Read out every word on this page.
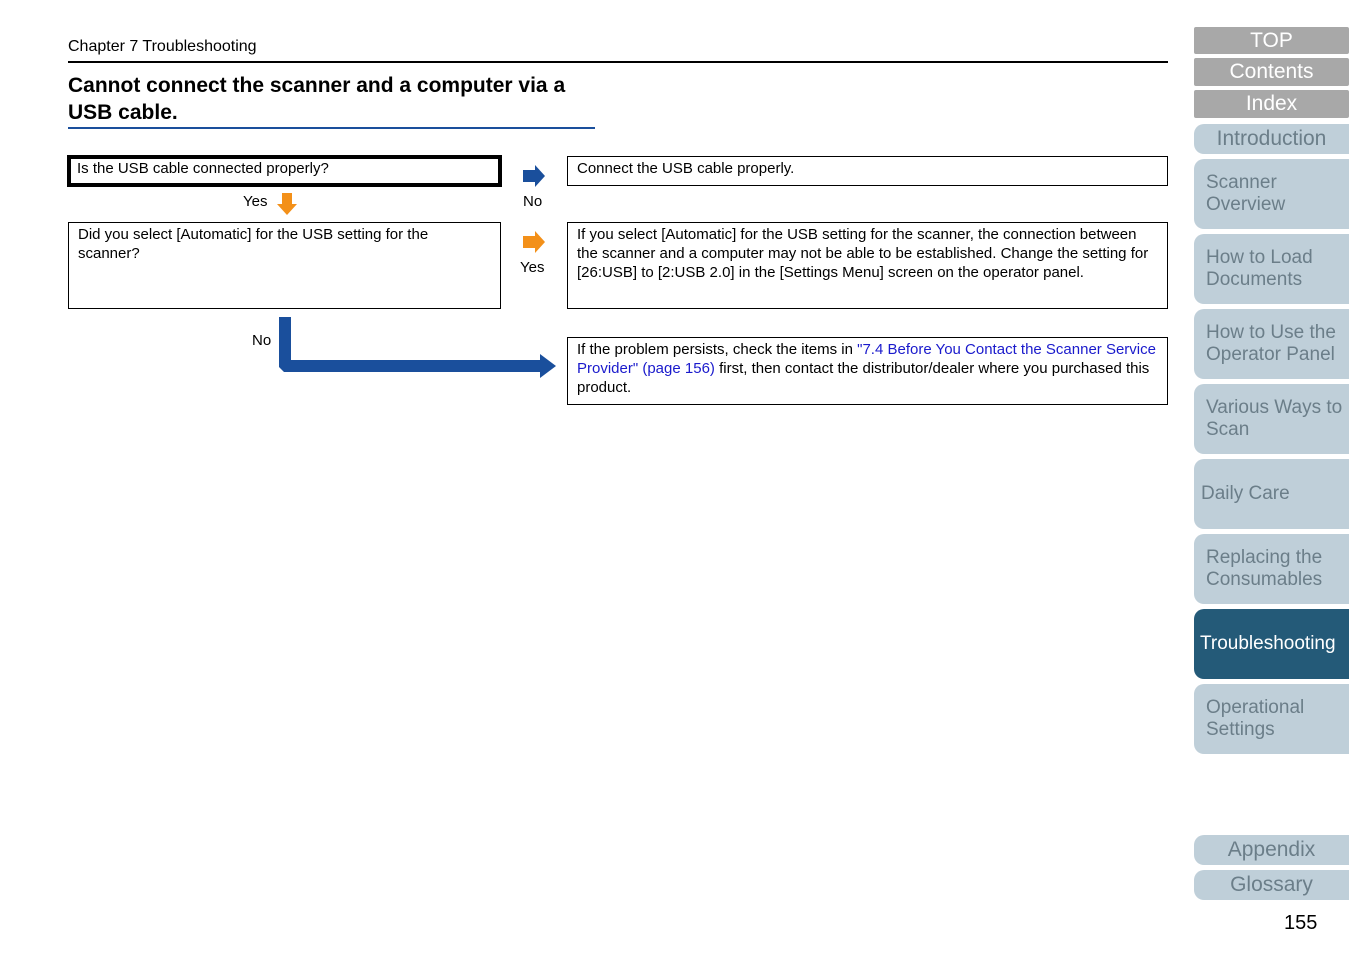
Chapter 7 Troubleshooting
Cannot connect the scanner and a computer via a
USB cable.
Is the USB cable connected properly?	Connect the USB cable properly.
Did you select [Automatic] for the USB setting for the scanner?
If you select [Automatic] for the USB setting for the scanner, the connection between the scanner and a computer may not be able to be established. Change the setting for [26:USB] to [2:USB 2.0] in the [Settings Menu] screen on the operator panel.
If the problem persists, check the items in "7.4 Before You Contact the Scanner Service Provider" (page 156) first, then contact the distributor/dealer where you purchased this product.
No
Yes
Yes
No
TOP
Contents
Index
Introduction
Scanner Overview
How to Load Documents
How to Use the Operator Panel
Various Ways to Scan
Daily Care
Replacing the Consumables
Troubleshooting
Operational Settings
Appendix
Glossary
155
